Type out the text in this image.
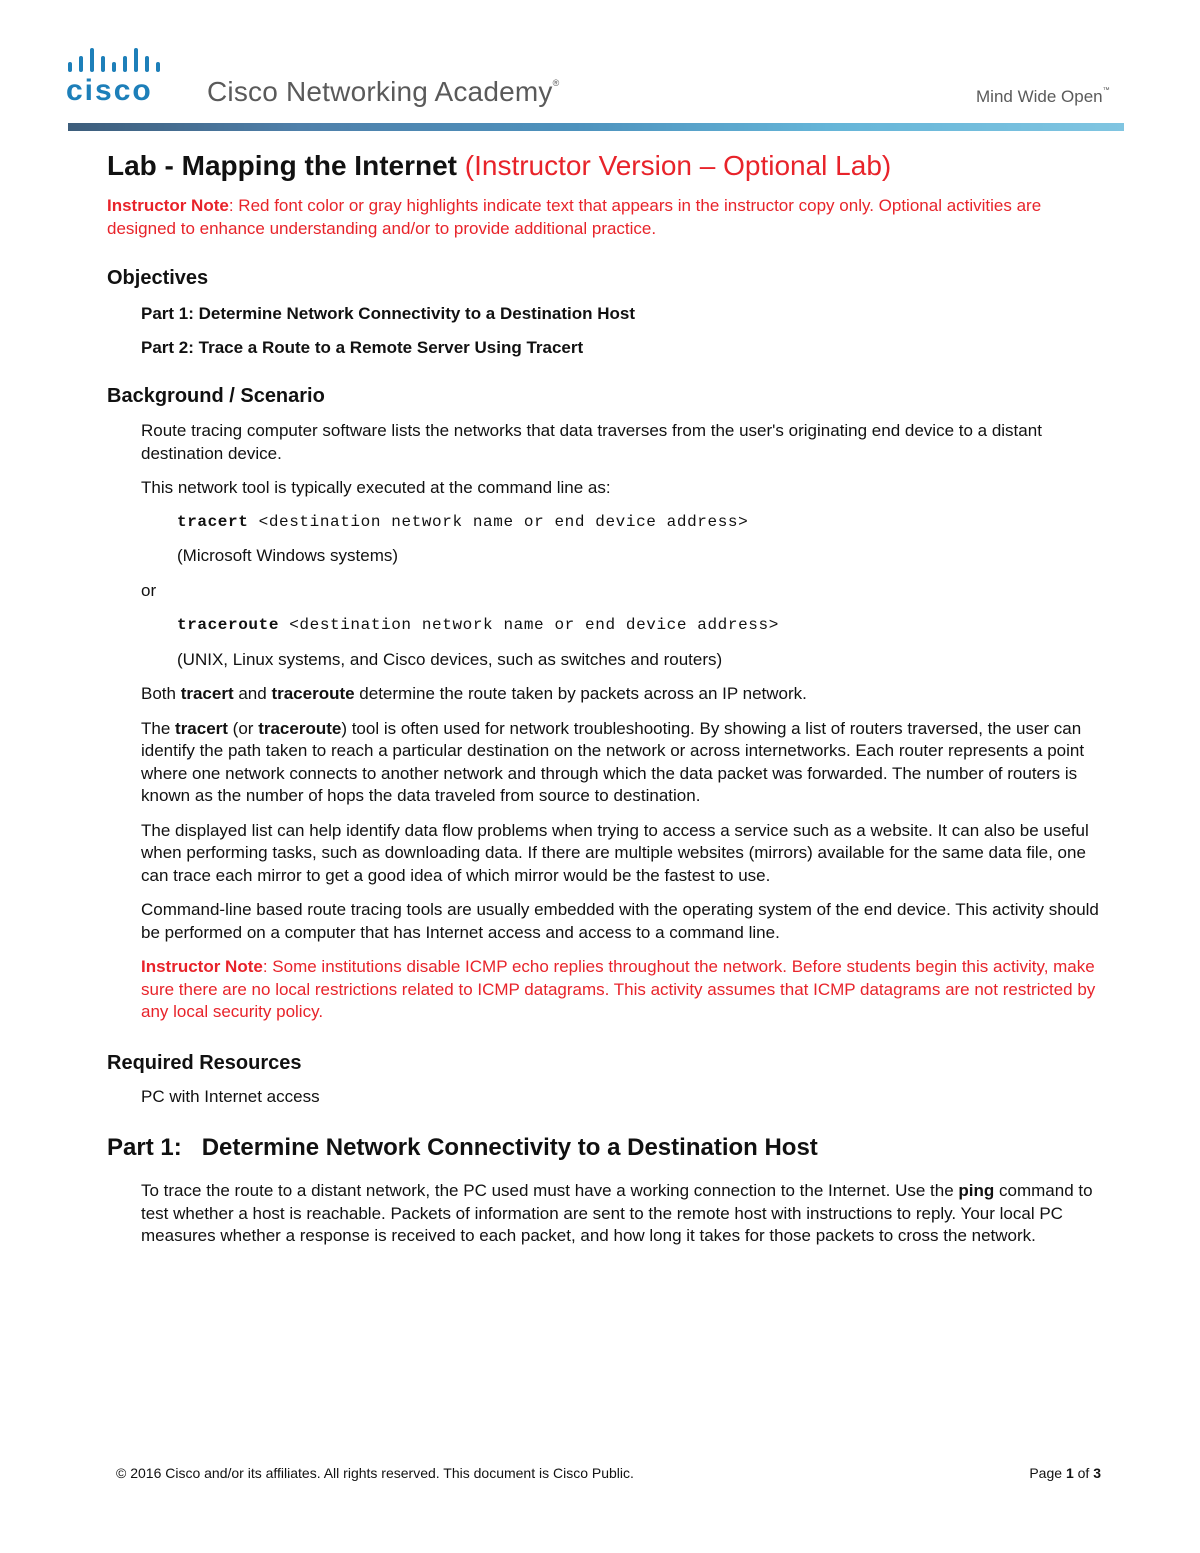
cisco Cisco Networking Academy®
Mind Wide Open™
Lab - Mapping the Internet (Instructor Version – Optional Lab)

Instructor Note: Red font color or gray highlights indicate text that appears in the instructor copy only. Optional activities are designed to enhance understanding and/or to provide additional practice.

Objectives
Part 1: Determine Network Connectivity to a Destination Host
Part 2: Trace a Route to a Remote Server Using Tracert
Background / Scenario

Route tracing computer software lists the networks that data traverses from the user's originating end device to a distant destination device.

This network tool is typically executed at the command line as:

tracert <destination network name or end device address>

(Microsoft Windows systems)

or

traceroute <destination network name or end device address>

(UNIX, Linux systems, and Cisco devices, such as switches and routers)

Both tracert and traceroute determine the route taken by packets across an IP network.

The tracert (or traceroute) tool is often used for network troubleshooting. By showing a list of routers traversed, the user can identify the path taken to reach a particular destination on the network or across internetworks. Each router represents a point where one network connects to another network and through which the data packet was forwarded. The number of routers is known as the number of hops the data traveled from source to destination.

The displayed list can help identify data flow problems when trying to access a service such as a website. It can also be useful when performing tasks, such as downloading data. If there are multiple websites (mirrors) available for the same data file, one can trace each mirror to get a good idea of which mirror would be the fastest to use.

Command-line based route tracing tools are usually embedded with the operating system of the end device. This activity should be performed on a computer that has Internet access and access to a command line.

Instructor Note: Some institutions disable ICMP echo replies throughout the network. Before students begin this activity, make sure there are no local restrictions related to ICMP datagrams. This activity assumes that ICMP datagrams are not restricted by any local security policy.

Required Resources

PC with Internet access

Part 1:   Determine Network Connectivity to a Destination Host

To trace the route to a distant network, the PC used must have a working connection to the Internet. Use the ping command to test whether a host is reachable. Packets of information are sent to the remote host with instructions to reply. Your local PC measures whether a response is received to each packet, and how long it takes for those packets to cross the network.

© 2016 Cisco and/or its affiliates. All rights reserved. This document is Cisco Public.	Page 1 of 3
